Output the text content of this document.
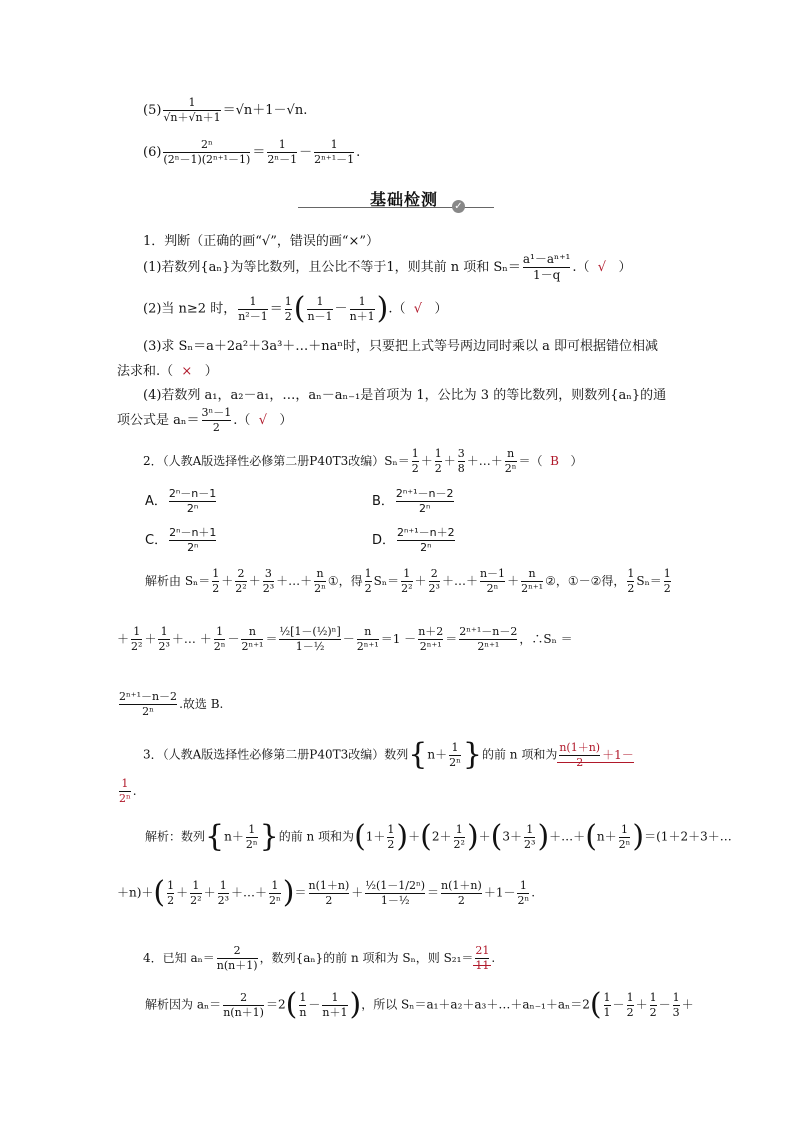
$(5) \frac{1}{√n+√n+1} =√n+1-√n$.
$(6) \frac{\text{2ⁿ}}{\text{(2ⁿ－1)(2ⁿ⁺¹－1)}} = \frac{1}{\text{2ⁿ－1}} - \frac{1}{\text{2ⁿ⁺¹－1}}$ .
基础检测 ✓
1．判断（正确的画“√”，错误的画“×”）
(1)若数列{aₙ}为等比数列，且公比不等于1，则其前 n 项和 $S_n= \frac{\text{a¹－aⁿ⁺¹}}{1-q}$ .（ √ ）
(2)当 n≥2 时， $\frac{1}{\text{n²－1}} = \frac{1}{2}$ ( $\frac{1}{n-1} - \frac{1}{n+1}$ ).（ √ ）
(3)求 Sₙ＝a＋2a²＋3a³＋…＋naⁿ时，只要把上式等号两边同时乘以 a 即可根据错位相减
法求和.（ × ）
(4)若数列 a₁，a₂－a₁，…，aₙ－aₙ₋₁是首项为 1，公比为 3 的等比数列，则数列{aₙ}的通
项公式是 $a_n= \frac{\text{3ⁿ－1}}{2}$ .（ √ ）
2．（人教A版选择性必修第二册P40T3改编）$S_n= \frac{1}{2} + \frac{1}{2} + \frac{3}{8}$ ＋…＋ $\frac{n}{\text{2ⁿ}}$ ＝（ B ）
A． $\frac{\text{2ⁿ－n－1}}{\text{2ⁿ}}$	B． $\frac{\text{2ⁿ⁺¹－n－2}}{\text{2ⁿ}}$
C． $\frac{\text{2ⁿ－n＋1}}{\text{2ⁿ}}$	D． $\frac{\text{2ⁿ⁺¹－n＋2}}{\text{2ⁿ}}$
解析由 $S_n= \frac{1}{2} + \frac{2}{\text{2²}} + \frac{3}{\text{2³}}$ ＋…＋ $\frac{n}{\text{2ⁿ}}$ ①，得 $\frac{1}{2} S_n= \frac{1}{\text{2²}} + \frac{2}{\text{2³}}$ ＋…＋ $\frac{n-1}{\text{2ⁿ}} + \frac{n}{\text{2ⁿ⁺¹}}$ ②，①－②得， $\frac{1}{2} S_n= \frac{1}{2}$
＋ $\frac{1}{\text{2²}} + \frac{1}{\text{2³}}$ ＋… ＋ $\frac{1}{\text{2ⁿ}} - \frac{n}{\text{2ⁿ⁺¹}} = \frac{\text{½[1－(½)ⁿ]}}{\text{1－½}} - \frac{n}{\text{2ⁿ⁺¹}} =1 - \frac{n+2}{\text{2ⁿ⁺¹}} = \frac{\text{2ⁿ⁺¹－n－2}}{\text{2ⁿ⁺¹}}$ ，∴Sₙ ＝
$\frac{\text{2ⁿ⁺¹－n－2}}{\text{2ⁿ}}$ .故选 B.
3．（人教A版选择性必修第二册P40T3改编）数列{$n+ \frac{1}{\text{2ⁿ}}$ }的前 n 项和为 $\frac{n(1+n)}{2} +1-$
$\frac{1}{\text{2ⁿ}}$ .
解析：数列{$n+ \frac{1}{\text{2ⁿ}}$ }的前 n 项和为$(1+ \frac{1}{2} )+(2+ \frac{1}{\text{2²}} )+(3+ \frac{1}{\text{2³}}$ )＋…＋(n＋ $\frac{1}{\text{2ⁿ}}$ )＝(1＋2＋3＋…
$+n)+( \frac{1}{2} + \frac{1}{\text{2²}} + \frac{1}{\text{2³}}$ ＋…＋ $\frac{1}{\text{2ⁿ}}$ )＝ $\frac{n(1+n)}{2} + \frac{\text{½(1－1/2ⁿ)}}{\text{1－½}} = \frac{n(1+n)}{2} +1- \frac{1}{\text{2ⁿ}}$ .
4．已知 $a_n= \frac{2}{n(n+1)}$ ，数列{aₙ}的前 n 项和为 Sₙ，则 $S_{21}= \frac{21}{11}$ .
解析因为 $a_n= \frac{2}{n(n+1)} =2( \frac{1}{n} - \frac{1}{n+1}$ )，所以 Sₙ＝a₁＋a₂＋a₃＋…＋aₙ₋₁＋aₙ＝2( $\frac{1}{1} - \frac{1}{2} + \frac{1}{2} - \frac{1}{3}$ ＋
